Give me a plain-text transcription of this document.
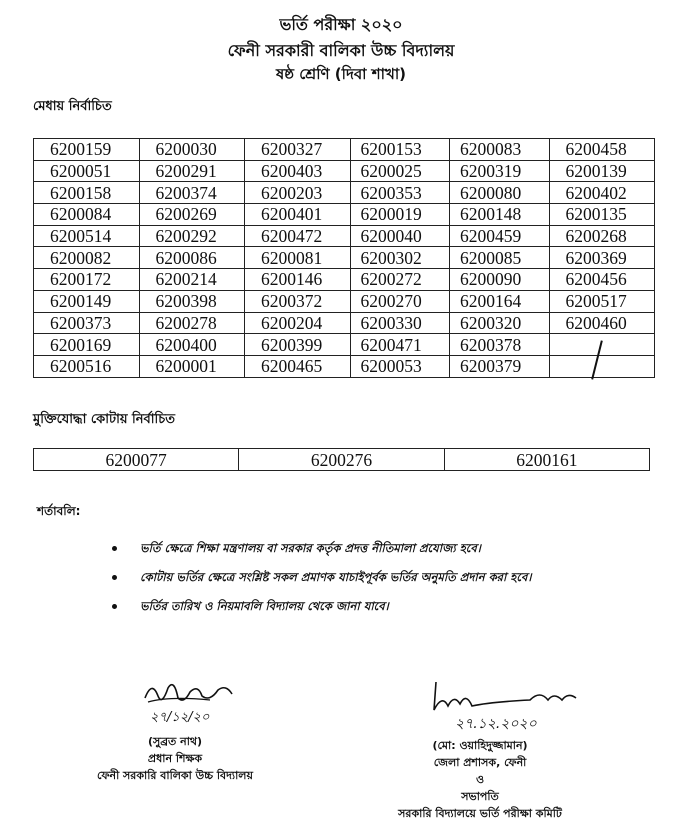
ভর্তি পরীক্ষা ২০২০
ফেনী সরকারী বালিকা উচ্চ বিদ্যালয়
ষষ্ঠ শ্রেণি (দিবা শাখা)
মেধায় নির্বাচিত
6200159	6200030	6200327	6200153	6200083	6200458
6200051	6200291	6200403	6200025	6200319	6200139
6200158	6200374	6200203	6200353	6200080	6200402
6200084	6200269	6200401	6200019	6200148	6200135
6200514	6200292	6200472	6200040	6200459	6200268
6200082	6200086	6200081	6200302	6200085	6200369
6200172	6200214	6200146	6200272	6200090	6200456
6200149	6200398	6200372	6200270	6200164	6200517
6200373	6200278	6200204	6200330	6200320	6200460
6200169	6200400	6200399	6200471	6200378	
6200516	6200001	6200465	6200053	6200379	
মুক্তিযোদ্ধা কোটায় নির্বাচিত
6200077	6200276	6200161
শর্তাবলি:
ভর্তি ক্ষেত্রে শিক্ষা মন্ত্রণালয় বা সরকার কর্তৃক প্রদত্ত নীতিমালা প্রযোজ্য হবে।
কোটায় ভর্তির ক্ষেত্রে সংশ্লিষ্ট সকল প্রমাণক যাচাইপূর্বক ভর্তির অনুমতি প্রদান করা হবে।
ভর্তির তারিখ ও নিয়মাবলি বিদ্যালয় থেকে জানা যাবে।
২৭/১২/২০
(সুব্রত নাথ)
প্রধান শিক্ষক
ফেনী সরকারি বালিকা উচ্চ বিদ্যালয়
২৭.১২.২০২০
(মো: ওয়াহিদুজ্জামান)
জেলা প্রশাসক, ফেনী
ও
সভাপতি
সরকারি বিদ্যালয়ে ভর্তি পরীক্ষা কমিটি
